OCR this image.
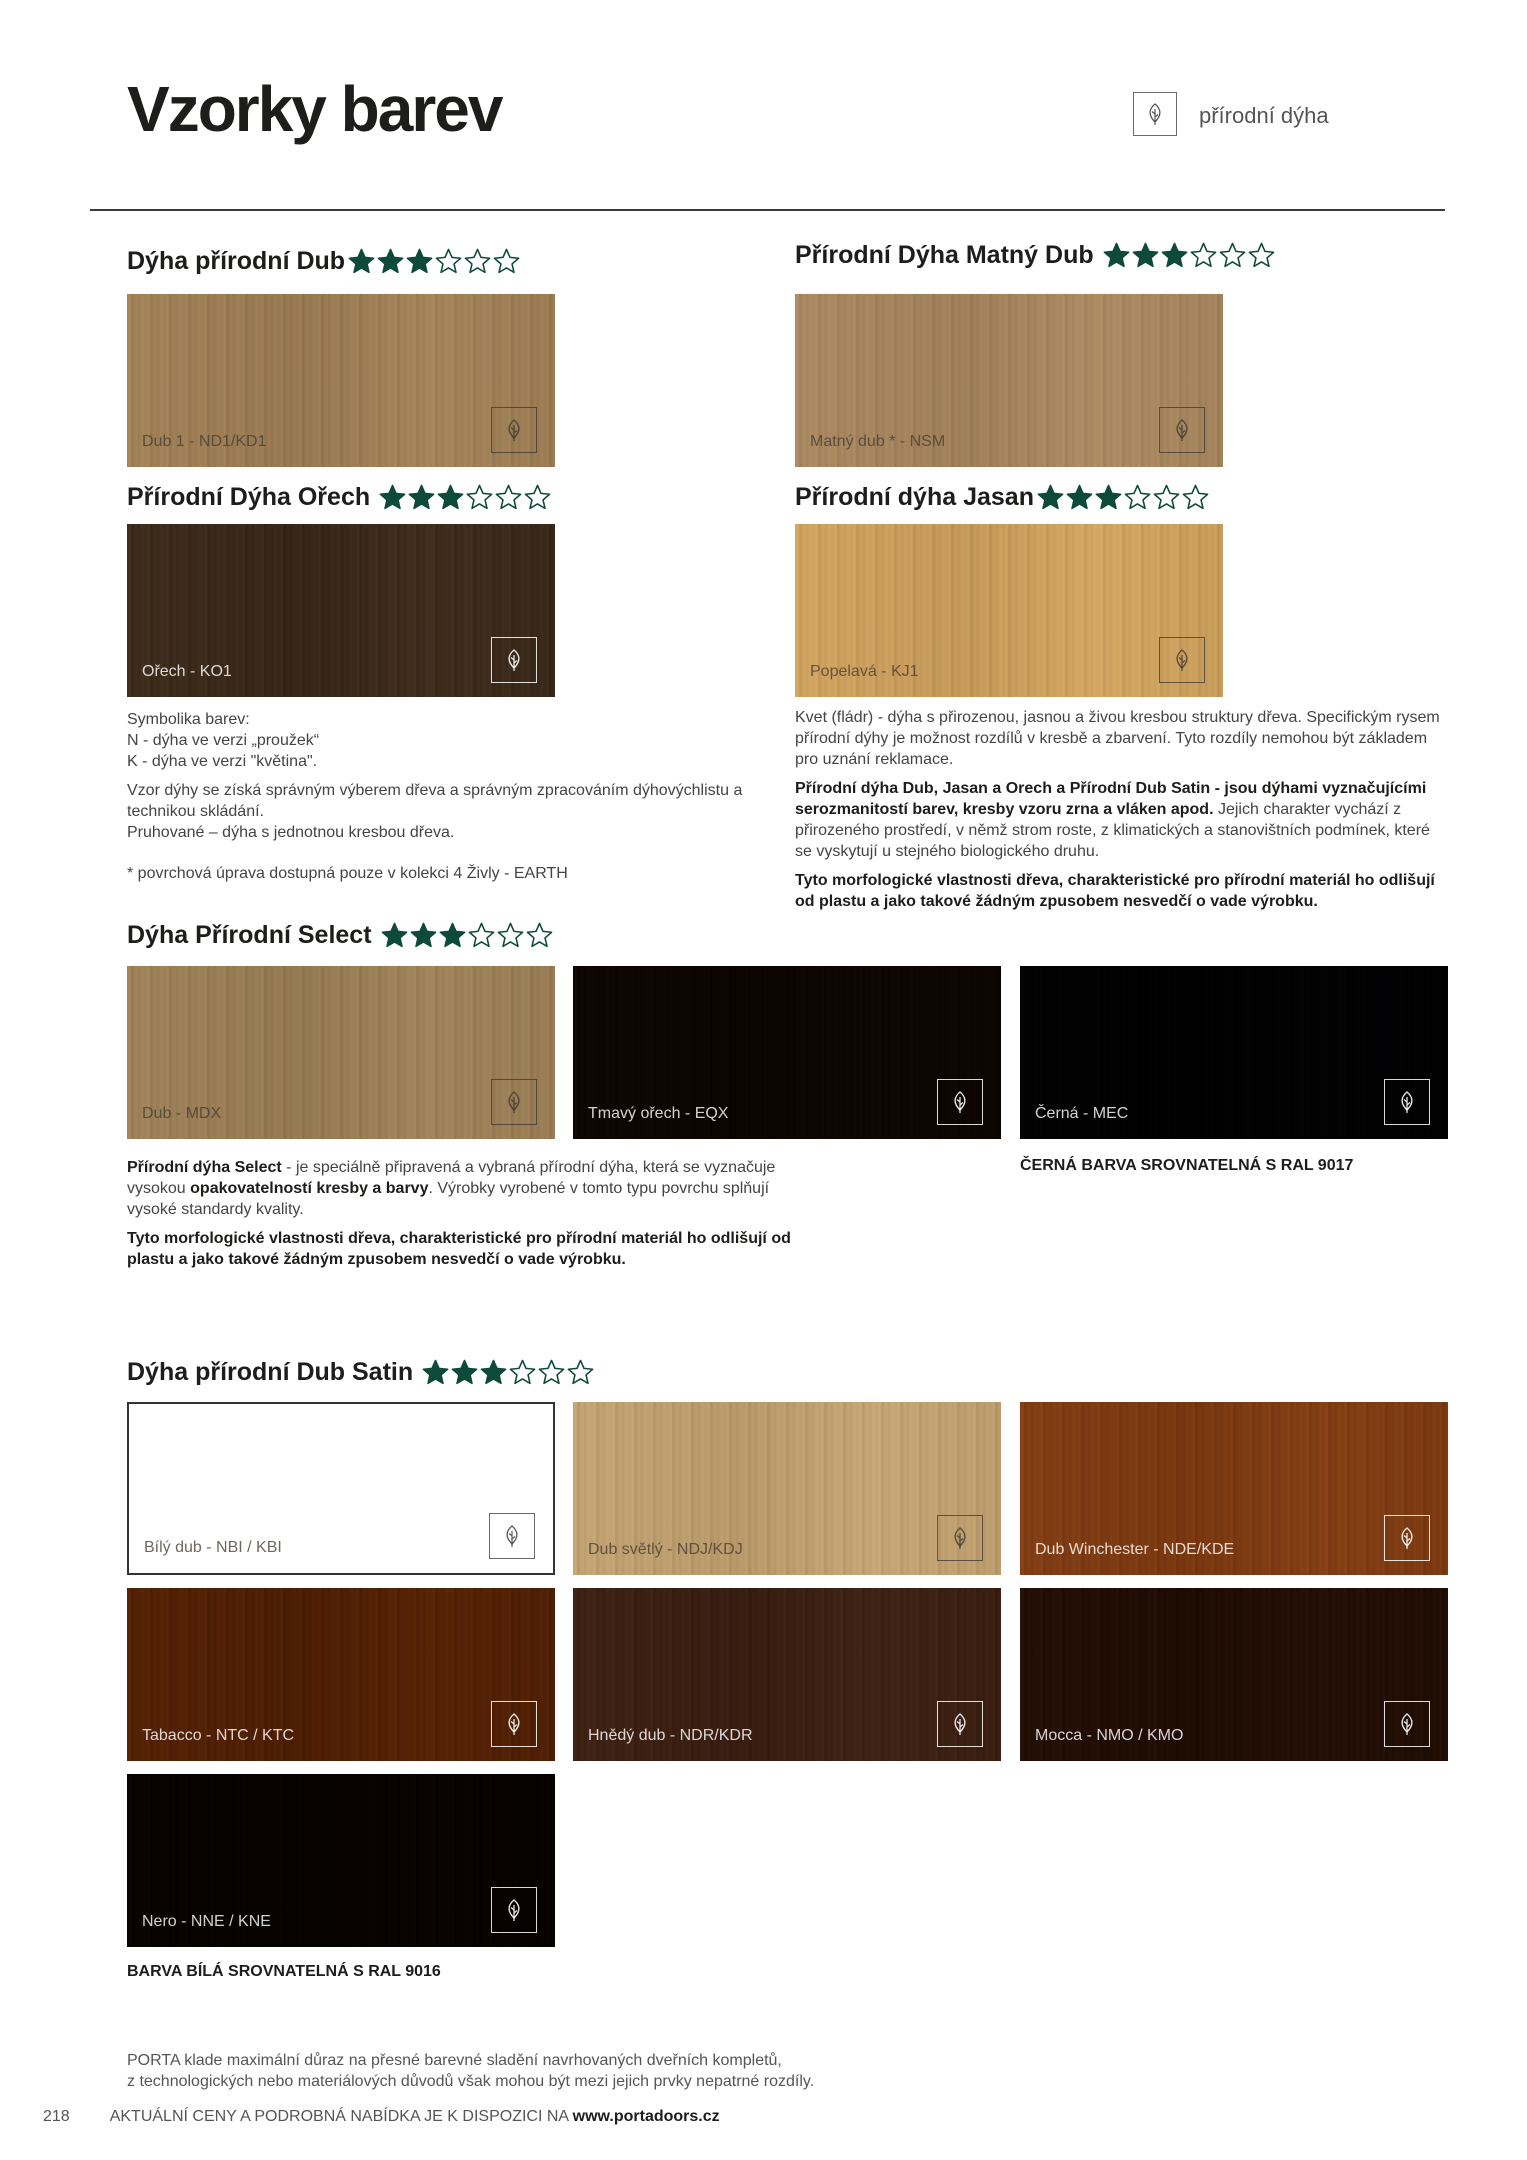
Vzorky barev	přírodní dýha
Dýha přírodní Dub	Přírodní Dýha Matný Dub
Přírodní Dýha Ořech	Přírodní dýha Jasan
Dýha Přírodní Select
Dýha přírodní Dub Satin
Dub 1 - ND1/KD1	Matný dub * - NSM
Ořech - KO1	Popelavá - KJ1
Dub - MDX	Tmavý ořech - EQX	Černá - MEC
Bílý dub - NBI / KBI	Dub světlý - NDJ/KDJ	Dub Winchester - NDE/KDE
Tabacco - NTC / KTC	Hnědý dub - NDR/KDR	Mocca - NMO / KMO
Nero - NNE / KNE
Symbolika barev:
N - dýha ve verzi „proužek“
K - dýha ve verzi "květina".
Vzor dýhy se získá správným výberem dřeva a správným zpracováním dýhovýchlistu a technikou skládání.
Pruhované – dýha s jednotnou kresbou dřeva.
* povrchová úprava dostupná pouze v kolekci 4 Živly - EARTH

Kvet (fládr) - dýha s přirozenou, jasnou a živou kresbou struktury dřeva. Specifickým rysem přírodní dýhy je možnost rozdílů v kresbě a zbarvení. Tyto rozdíly nemohou být základem pro uznání reklamace.

Přírodní dýha Dub, Jasan a Orech a Přírodní Dub Satin - jsou dýhami vyznačujícími serozmanitostí barev, kresby vzoru zrna a vláken apod. Jejich charakter vychází z přirozeného prostředí, v němž strom roste, z klimatických a stanovištních podmínek, které se vyskytují u stejného biologického druhu.

Tyto morfologické vlastnosti dřeva, charakteristické pro přírodní materiál ho odlišují od plastu a jako takové žádným zpusobem nesvedčí o vade výrobku.

Přírodní dýha Select - je speciálně připravená a vybraná přírodní dýha, která se vyznačuje vysokou opakovatelností kresby a barvy. Výrobky vyrobené v tomto typu povrchu splňují vysoké standardy kvality.

Tyto morfologické vlastnosti dřeva, charakteristické pro přírodní materiál ho odlišují od plastu a jako takové žádným zpusobem nesvedčí o vade výrobku.

ČERNÁ BARVA SROVNATELNÁ S RAL 9017
BARVA BÍLÁ SROVNATELNÁ S RAL 9016
PORTA klade maximální důraz na přesné barevné sladění navrhovaných dveřních kompletů,
z technologických nebo materiálových důvodů však mohou být mezi jejich prvky nepatrné rozdíly.
218	AKTUÁLNÍ CENY A PODROBNÁ NABÍDKA JE K DISPOZICI NA www.portadoors.cz
